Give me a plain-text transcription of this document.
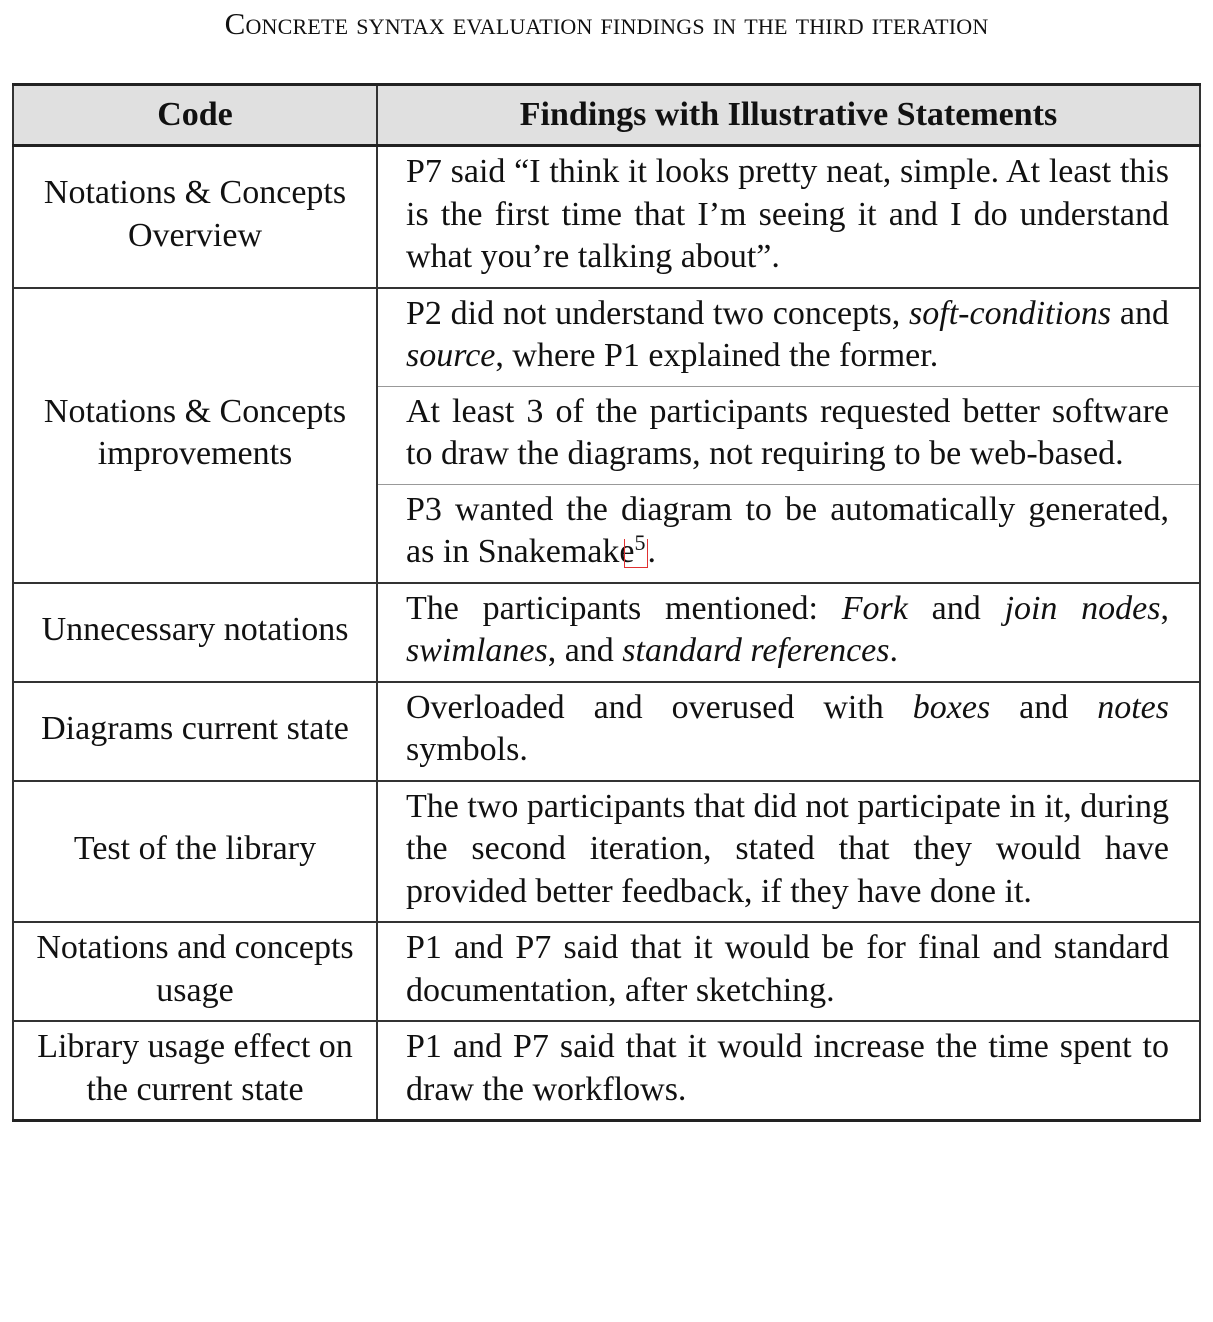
Concrete syntax evaluation findings in the third iteration
Code	Findings with Illustrative Statements
Notations & Concepts Overview	P7 said “I think it looks pretty neat, simple. At least this is the first time that I’m seeing it and I do understand what you’re talking about”.
Notations & Concepts improvements	P2 did not understand two concepts, soft-conditions and source, where P1 explained the former.
	At least 3 of the participants requested better software to draw the diagrams, not requiring to be web-based.
	P3 wanted the diagram to be automatically generated, as in Snakemake$^5$.
Unnecessary notations	The participants mentioned: Fork and join nodes, swimlanes, and standard references.
Diagrams current state	Overloaded and overused with boxes and notes symbols.
Test of the library	The two participants that did not participate in it, during the second iteration, stated that they would have provided better feedback, if they have done it.
Notations and concepts usage	P1 and P7 said that it would be for final and standard documentation, after sketching.
Library usage effect on the current state	P1 and P7 said that it would increase the time spent to draw the workflows.
